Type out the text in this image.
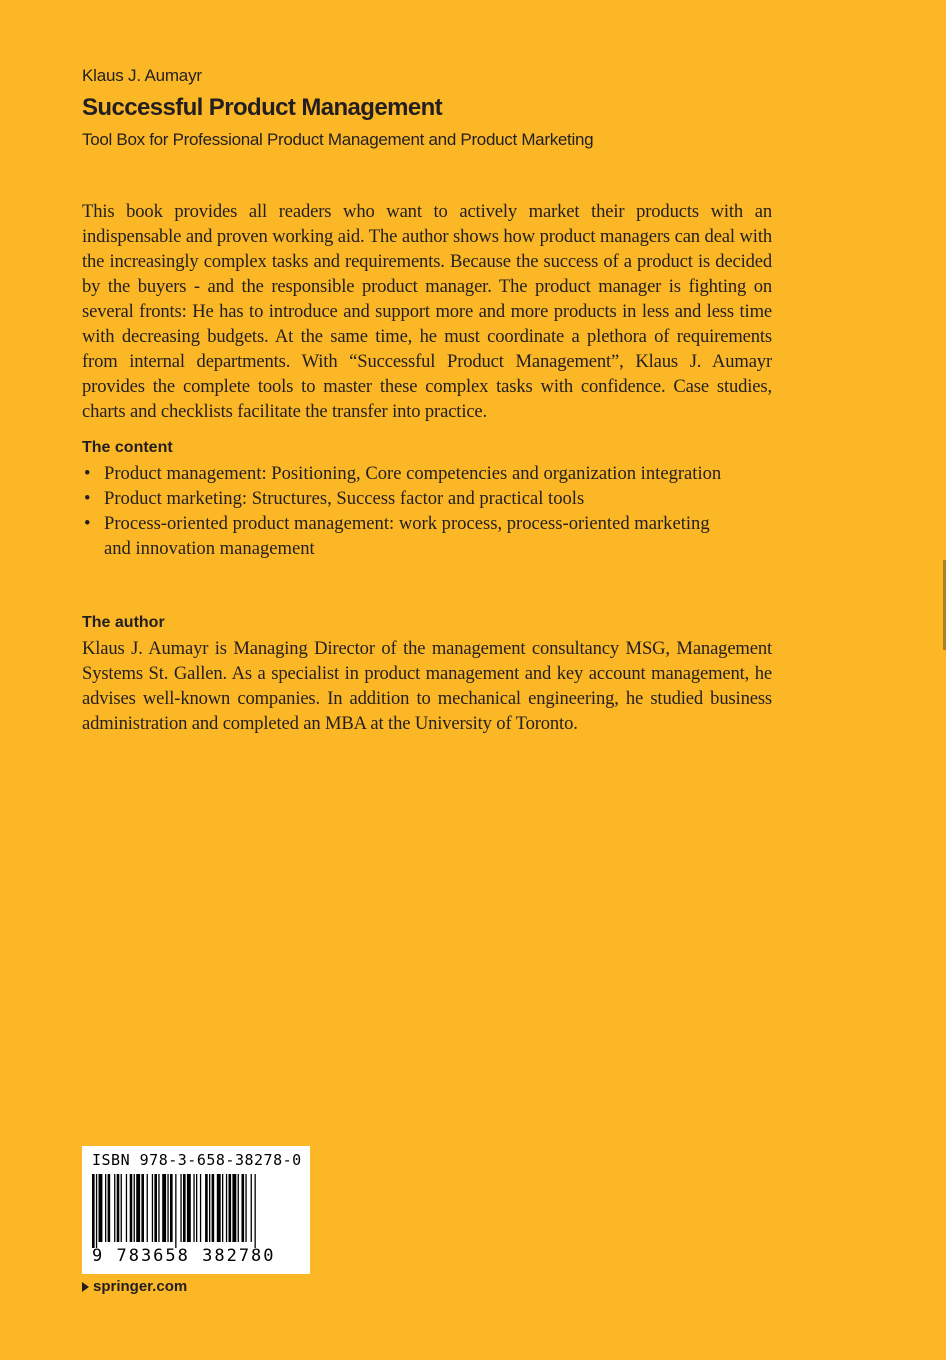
Klaus J. Aumayr
Successful Product Management
Tool Box for Professional Product Management and Product Marketing

This book provides all readers who want to actively market their products with an indispensable and proven working aid. The author shows how product managers can deal with the increasingly complex tasks and requirements. Because the success of a product is decided by the buyers - and the responsible product manager. The product manager is fighting on several fronts: He has to introduce and support more and more products in less and less time with decreasing budgets. At the same time, he must coordinate a plethora of requirements from internal departments. With “Successful Product Management”, Klaus J. Aumayr provides the complete tools to master these complex tasks with confidence. Case studies, charts and checklists facilitate the transfer into practice.

The content
• Product management: Positioning, Core competencies and organization integration
• Product marketing: Structures, Success factor and practical tools
• Process-oriented product management: work process, process-oriented marketing and innovation management
The author

Klaus J. Aumayr is Managing Director of the management consultancy MSG, Management Systems St. Gallen. As a specialist in product management and key account management, he advises well-known companies. In addition to mechanical engineering, he studied business administration and completed an MBA at the University of Toronto.

ISBN 978-3-658-38278-0
9 783658 382780
springer.com
